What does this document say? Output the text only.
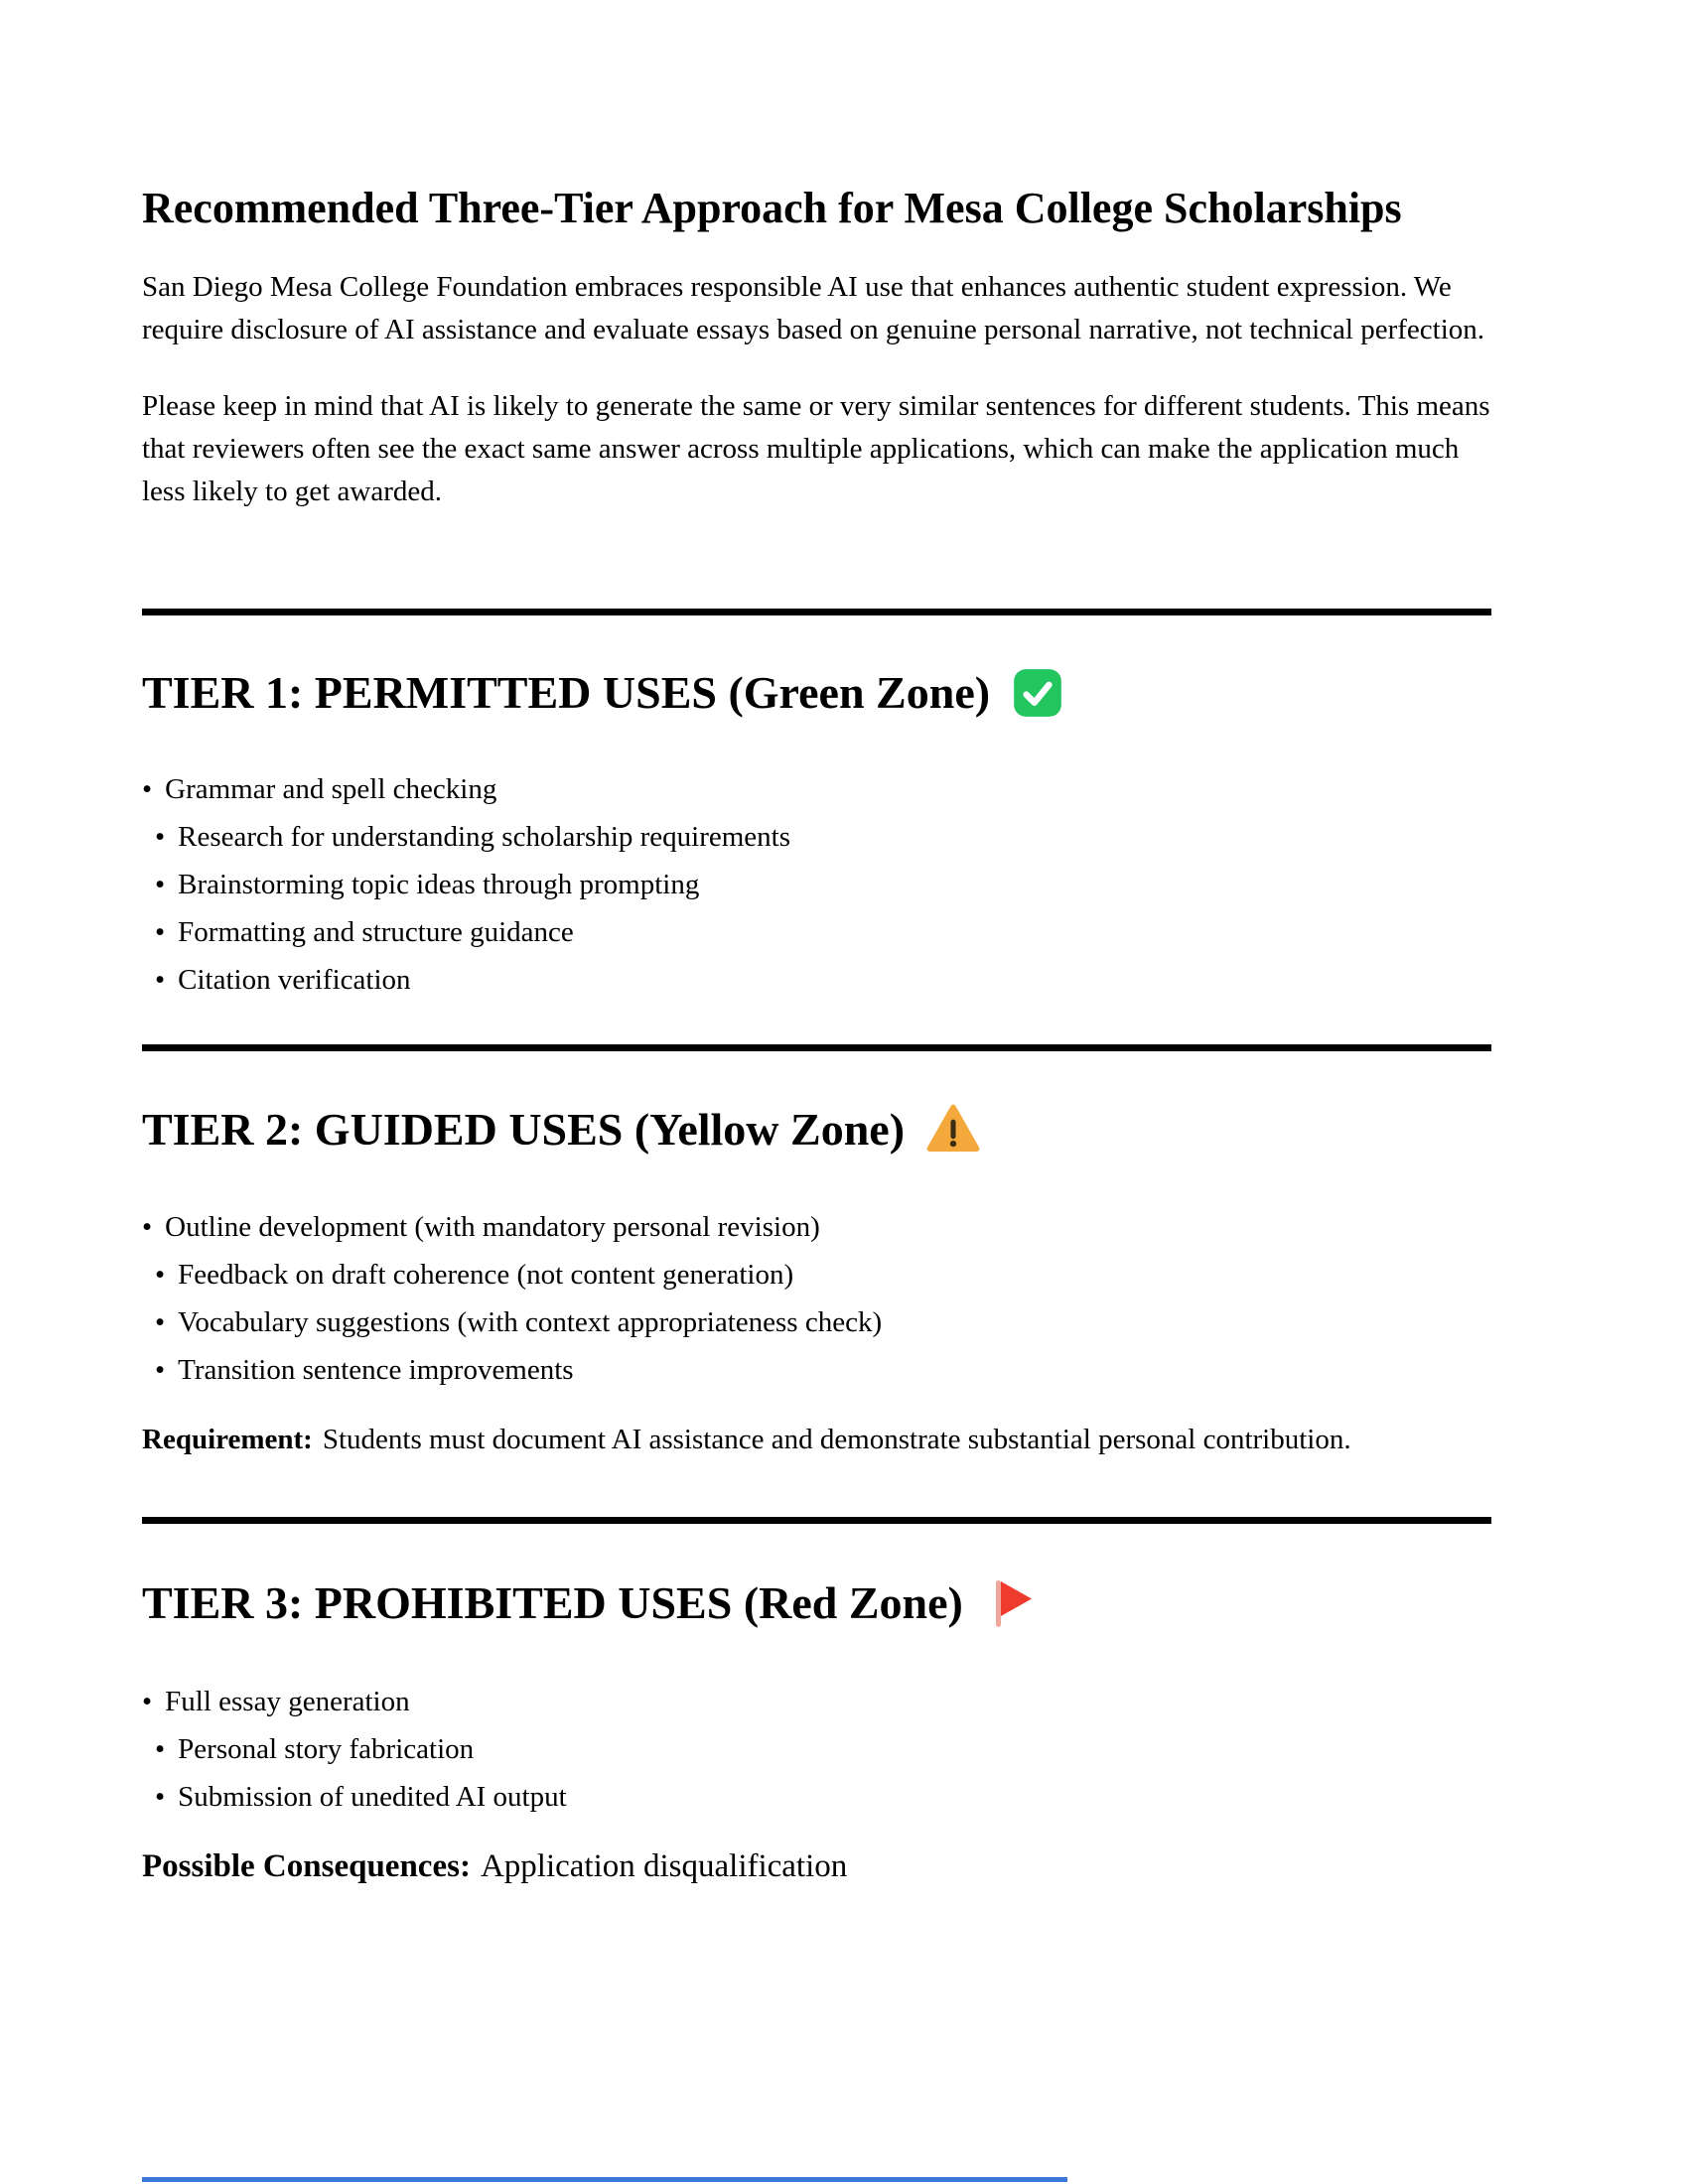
Recommended Three-Tier Approach for Mesa College Scholarships

San Diego Mesa College Foundation embraces responsible AI use that enhances authentic student expression. We require disclosure of AI assistance and evaluate essays based on genuine personal narrative, not technical perfection.

Please keep in mind that AI is likely to generate the same or very similar sentences for different students. This means that reviewers often see the exact same answer across multiple applications, which can make the application much less likely to get awarded.

TIER 1: PERMITTED USES (Green Zone)
• Grammar and spell checking
• Research for understanding scholarship requirements
• Brainstorming topic ideas through prompting
• Formatting and structure guidance
• Citation verification
TIER 2: GUIDED USES (Yellow Zone)
• Outline development (with mandatory personal revision)
• Feedback on draft coherence (not content generation)
• Vocabulary suggestions (with context appropriateness check)
• Transition sentence improvements

Requirement: Students must document AI assistance and demonstrate substantial personal contribution.

TIER 3: PROHIBITED USES (Red Zone)
• Full essay generation
• Personal story fabrication
• Submission of unedited AI output

Possible Consequences: Application disqualification
